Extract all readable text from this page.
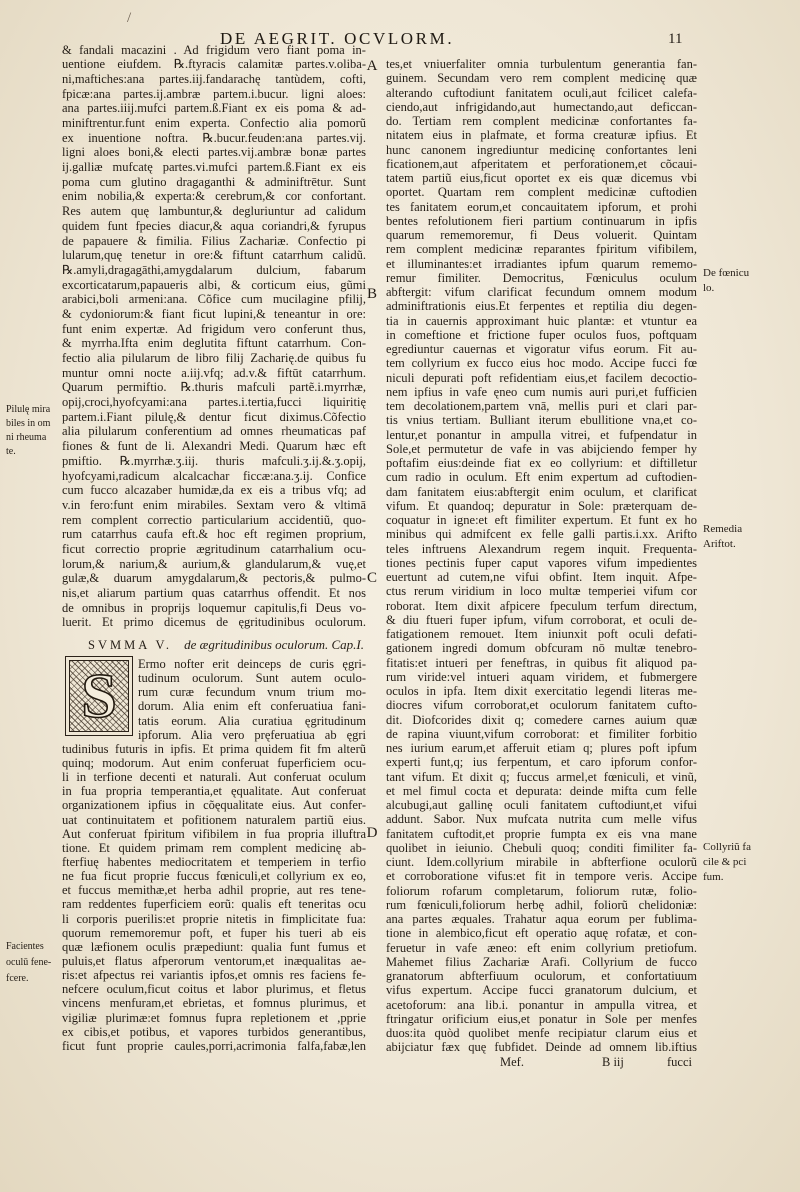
/
DE AEGRIT. OCVLORM.	11
& fandali macazini . Ad frigidum vero fiant poma in-
uentione eiufdem. ℞.ftyracis calamitæ partes.v.oliba-
ni,maftiches:ana partes.iij.fandarachę tantùdem, cofti,
fpicæ:ana partes.ij.ambræ partem.i.bucur. ligni aloes:
ana partes.iiij.mufci partem.ß.Fiant ex eis poma & ad-
miniftrentur.funt enim experta. Confectio alia pomorũ
ex inuentione noftra. ℞.bucur.feuden:ana partes.vij.
ligni aloes boni,& electi partes.vij.ambræ bonæ partes
ij.galliæ mufcatę partes.vi.mufci partem.ß.Fiant ex eis
poma cum glutino dragaganthi & adminiftrētur. Sunt
enim nobilia,& experta:& cerebrum,& cor confortant.
Res autem quę lambuntur,& degluriuntur ad calidum
quidem funt fpecies diacur,& aqua coriandri,& fyrupus
de papauere & fimilia. Filius Zachariæ. Confectio pi
lularum,quę tenetur in ore:& fiftunt catarrhum calidũ.
℞.amyli,dragagāthi,amygdalarum dulcium, fabarum
excorticatarum,papaueris albi, & corticum eius, gũmi
arabici,boli armeni:ana. Cõfice cum mucilagine pfilij,
& cydoniorum:& fiant ficut lupini,& teneantur in ore:
funt enim expertæ. Ad frigidum vero conferunt thus,
& myrrha.Ifta enim deglutita fiftunt catarrhum. Con-
fectio alia pilularum de libro filij Zacharię.de quibus fu
muntur omni nocte a.iij.vfq; ad.v.& fiftūt catarrhum.
Quarum permiftio. ℞.thuris mafculi partẽ.i.myrrhæ,
opij,croci,hyofcyami:ana partes.i.tertia,fucci liquiritię
partem.i.Fiant pilulę,& dentur ficut diximus.Cõfectio
alia pilularum conferentium ad omnes rheumaticas paf
fiones & funt de li. Alexandri Medi. Quarum hæc eft
pmiftio. ℞.myrrhæ.ʒ.iij. thuris mafculi.ʒ.ij.&.ʒ.opij,
hyofcyami,radicum alcalcachar ficcæ:ana.ʒ.ij. Confice
cum fucco alcazaber humidæ,da ex eis a tribus vfq; ad
v.in fero:funt enim mirabiles. Sextam vero & vltimā
rem complent correctio particularium accidentiũ, quo-
rum catarrhus caufa eft.& hoc eft regimen proprium,
ficut correctio proprie ægritudinum catarrhalium ocu-
lorum,& narium,& aurium,& glandularum,& vuę,et
gulæ,& duarum amygdalarum,& pectoris,& pulmo-
nis,et aliarum partium quas catarrhus offendit. Et nos
de omnibus in proprijs loquemur capitulis,fi Deus vo-
luerit. Et primo dicemus de ęgritudinibus oculorum.
SVMMA V. de ægritudinibus oculorum. Cap.I.
S Ermo nofter erit deinceps de curis ęgri-
tudinum oculorum. Sunt autem oculo-
rum curæ fecundum vnum trium mo-
dorum. Alia enim eft conferuatiua fani-
tatis eorum. Alia curatiua ęgritudinum
ipforum. Alia vero pręferuatiua ab ęgri
tudinibus futuris in ipfis. Et prima quidem fit fm alterũ
quinq; modorum. Aut enim conferuat fuperficiem ocu-
li in terfione decenti et naturali. Aut conferuat oculum
in fua propria temperantia,et ęqualitate. Aut conferuat
organizationem ipfius in cõęqualitate eius. Aut confer-
uat continuitatem et pofitionem naturalem partiũ eius.
Aut conferuat fpiritum vifibilem in fua propria illuftra
tione. Et quidem primam rem complent medicinę ab-
fterfiuę habentes mediocritatem et temperiem in terfio
ne fua ficut proprie fuccus fœniculi,et collyrium ex eo,
et fuccus memithæ,et herba adhil proprie, aut res tene-
ram reddentes fuperficiem eorũ: qualis eft teneritas ocu
li corporis puerilis:et proprie nitetis in fimplicitate fua:
quorum rememoremur poft, et fuper his tueri ab eis
quæ læfionem oculis præpediunt: qualia funt fumus et
puluis,et flatus afperorum ventorum,et inæqualitas ae-
ris:et afpectus rei variantis ipfos,et omnis res faciens fe-
nefcere oculum,ficut coitus et labor plurimus, et fletus
vincens menfuram,et ebrietas, et fomnus plurimus, et
vigiliæ plurimæ:et fomnus fupra repletionem et ,pprie
ex cibis,et potibus, et vapores turbidos generantibus,
ficut funt proprie caules,porri,acrimonia falfa,fabæ,len
tes,et vniuerfaliter omnia turbulentum generantia fan-
guinem. Secundam vero rem complent medicinę quæ
alterando cuftodiunt fanitatem oculi,aut fcilicet calefa-
ciendo,aut infrigidando,aut humectando,aut deficcan-
do. Tertiam rem complent medicinæ confortantes fa-
nitatem eius in plafmate, et forma creaturæ ipfius. Et
hunc canonem ingrediuntur medicinę confortantes leni
ficationem,aut afperitatem et perforationem,et cõcaui-
tatem partiũ eius,ficut oportet ex eis quæ dicemus vbi
oportet. Quartam rem complent medicinæ cuftodien
tes fanitatem eorum,et concauitatem ipforum, et prohi
bentes refolutionem fieri partium continuarum in ipfis
quarum rememoremur, fi Deus voluerit. Quintam
rem complent medicinæ reparantes fpiritum vifibilem,
et illuminantes:et irradiantes ipfum quarum rememo-
remur fimiliter. Democritus, Fœniculus oculum
abftergit: vifum clarificat fecundum omnem modum
adminiftrationis eius.Et ferpentes et reptilia diu degen-
tia in cauernis approximant huic plantæ: et vtuntur ea
in comeftione et frictione fuper oculos fuos, poftquam
egrediuntur cauernas et vigoratur vifus eorum. Fit au-
tem collyrium ex fucco eius hoc modo. Accipe fucci fœ
niculi depurati poft refidentiam eius,et facilem decoctio-
nem ipfius in vafe ęneo cum numis auri puri,et fufficien
tem decolationem,partem vnā, mellis puri et clari par-
tis vnius tertiam. Bulliant iterum ebullitione vna,et co-
lentur,et ponantur in ampulla vitrei, et fufpendatur in
Sole,et permutetur de vafe in vas abijciendo femper hy
poftafim eius:deinde fiat ex eo collyrium: et diftilletur
cum radio in oculum. Eft enim expertum ad cuftodien-
dam fanitatem eius:abftergit enim oculum, et clarificat
vifum. Et quandoq; depuratur in Sole: præterquam de-
coquatur in igne:et eft fimiliter expertum. Et funt ex ho
minibus qui admifcent ex felle galli partis.i.xx. Arifto
teles inftruens Alexandrum regem inquit. Frequenta-
tiones pectinis fuper caput vapores vifum impedientes
euertunt ad cutem,ne vifui obfint. Item inquit. Afpe-
ctus rerum viridium in loco multæ temperiei vifum cor
roborat. Item dixit afpicere fpeculum terfum directum,
& diu ftueri fuper ipfum, vifum corroborat, et oculi de-
fatigationem remouet. Item iniunxit poft oculi defati-
gationem ingredi domum obfcuram nō multæ tenebro-
fitatis:et intueri per feneftras, in quibus fit aliquod pa-
rum viride:vel intueri aquam viridem, et fubmergere
oculos in ipfa. Item dixit exercitatio legendi literas me-
diocres vifum corroborat,et oculorum fanitatem cufto-
dit. Diofcorides dixit q; comedere carnes auium quæ
de rapina viuunt,vifum corroborat: et fimiliter forbitio
nes iurium earum,et afferuit etiam q; plures poft ipfum
experti funt,q; ius ferpentum, et caro ipforum confor-
tant vifum. Et dixit q; fuccus armel,et fœniculi, et vinũ,
et mel fimul cocta et depurata: deinde mifta cum felle
alcubugi,aut gallinę oculi fanitatem cuftodiunt,et vifui
addunt. Sabor. Nux mufcata nutrita cum melle vifus
fanitatem cuftodit,et proprie fumpta ex eis vna mane
quolibet in ieiunio. Chebuli quoq; conditi fimiliter fa-
ciunt. Idem.collyrium mirabile in abfterfione oculorũ
et corroboratione vifus:et fit in tempore veris. Accipe
foliorum rofarum completarum, foliorum rutæ, folio-
rum fœniculi,foliorum herbę adhil, foliorũ chelidoniæ:
ana partes æquales. Trahatur aqua eorum per fublima-
tione in alembico,ficut eft operatio aquę rofatæ, et con-
feruetur in vafe æneo: eft enim collyrium pretiofum.
Mahemet filius Zachariæ Arafi. Collyrium de fucco
granatorum abfterfiuum oculorum, et confortatiuum
vifus expertum. Accipe fucci granatorum dulcium, et
acetoforum: ana lib.i. ponantur in ampulla vitrea, et
ftringatur orificium eius,et ponatur in Sole per menfes
duos:ita quòd quolibet menfe recipiatur clarum eius et
abijciatur fæx quę fubfidet. Deinde ad omnem lib.iftius
A
B
C
D
Pilulę mira
biles in om
ni rheuma
te.
Facientes
oculū fene-
fcere.
De fœnicu
lo.
Remedia
Ariftot.
Collyriũ fa
cile & pci
fum.
Mef.	B iij	fucci
